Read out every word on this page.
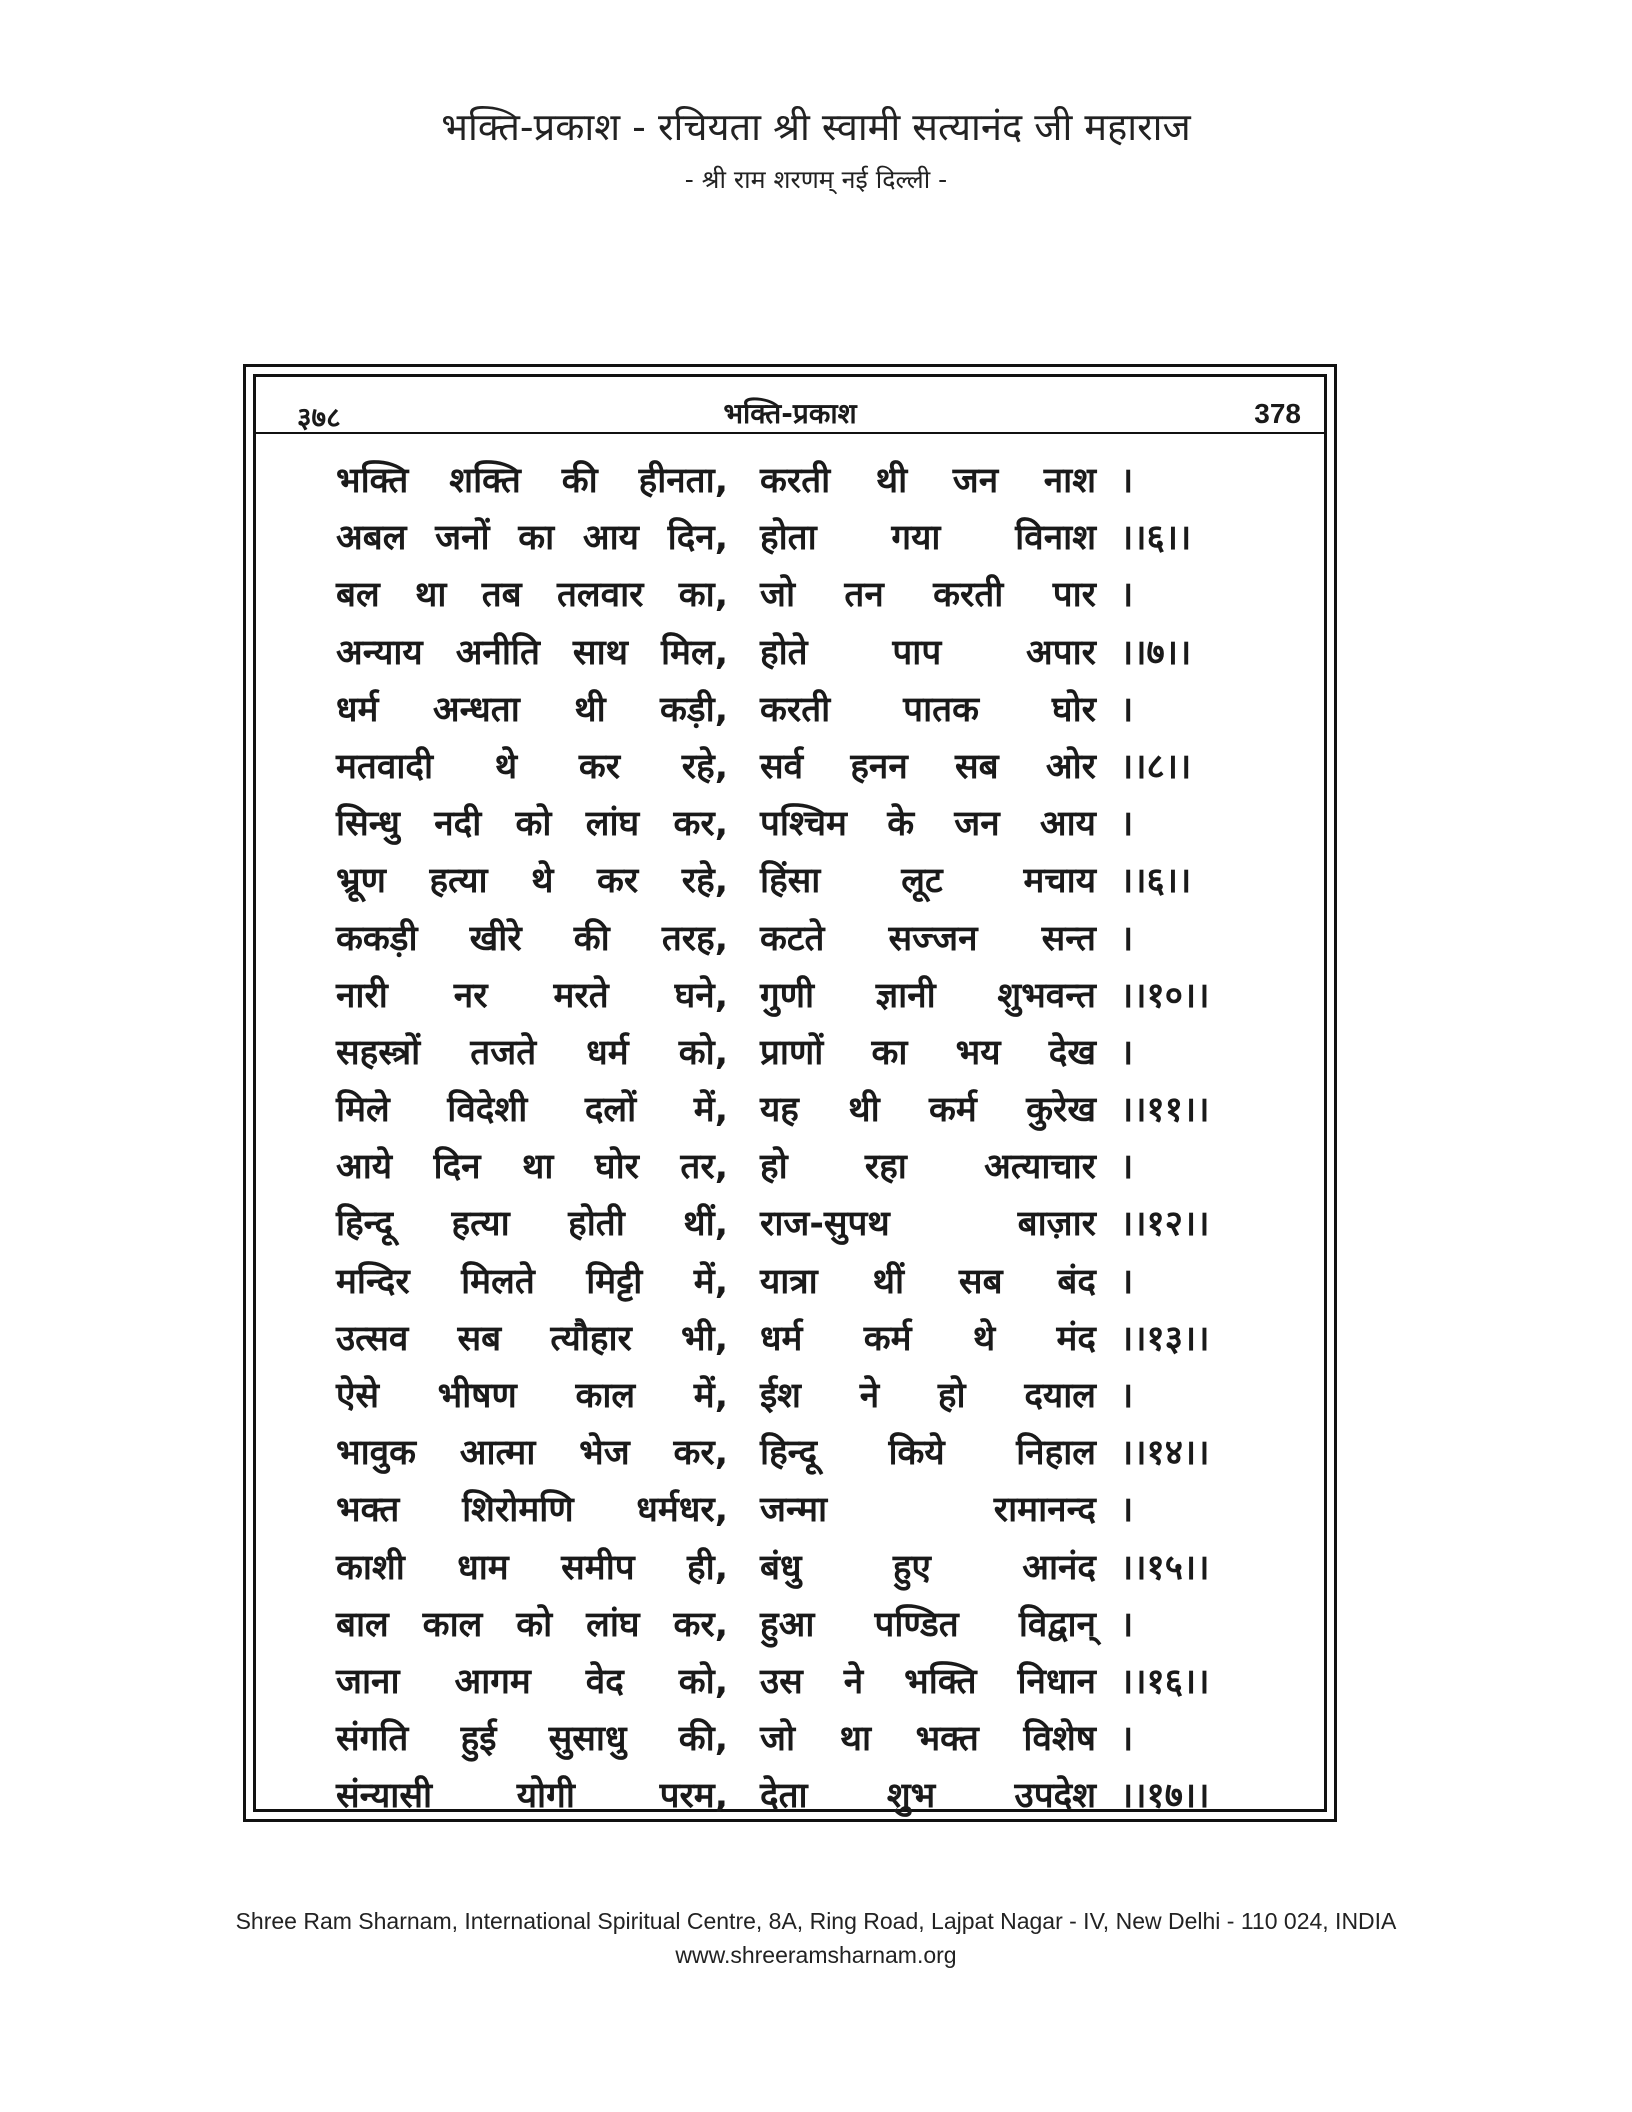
भक्ति-प्रकाश - रचियता श्री स्वामी सत्यानंद जी महाराज
- श्री राम शरणम् नई दिल्ली -
३७८	भक्ति-प्रकाश	378
भक्ति शक्ति की हीनता, करती थी जन नाश ।
अबल जनों का आय दिन, होता गया विनाश ।।६।।
बल था तब तलवार का, जो तन करती पार ।
अन्याय अनीति साथ मिल, होते पाप अपार ।।७।।
धर्म अन्धता थी कड़ी, करती पातक घोर ।
मतवादी थे कर रहे, सर्व हनन सब ओर ।।८।।
सिन्धु नदी को लांघ कर, पश्चिम के जन आय ।
भ्रूण हत्या थे कर रहे, हिंसा लूट मचाय ।।६।।
ककड़ी खीरे की तरह, कटते सज्जन सन्त ।
नारी नर मरते घने, गुणी ज्ञानी शुभवन्त ।।१०।।
सहस्त्रों तजते धर्म को, प्राणों का भय देख ।
मिले विदेशी दलों में, यह थी कर्म कुरेख ।।११।।
आये दिन था घोर तर, हो रहा अत्याचार ।
हिन्दू हत्या होती थीं, राज-सुपथ बाज़ार ।।१२।।
मन्दिर मिलते मिट्टी में, यात्रा थीं सब बंद ।
उत्सव सब त्यौहार भी, धर्म कर्म थे मंद ।।१३।।
ऐसे भीषण काल में, ईश ने हो दयाल ।
भावुक आत्मा भेज कर, हिन्दू किये निहाल ।।१४।।
भक्त शिरोमणि धर्मधर, जन्मा रामानन्द ।
काशी धाम समीप ही, बंधु हुए आनंद ।।१५।।
बाल काल को लांघ कर, हुआ पण्डित विद्वान् ।
जाना आगम वेद को, उस ने भक्ति निधान ।।१६।।
संगति हुई सुसाधु की, जो था भक्त विशेष ।
संन्यासी योगी परम, देता शुभ उपदेश ।।१७।।
Shree Ram Sharnam, International Spiritual Centre, 8A, Ring Road, Lajpat Nagar - IV, New Delhi - 110 024, INDIA
www.shreeramsharnam.org
